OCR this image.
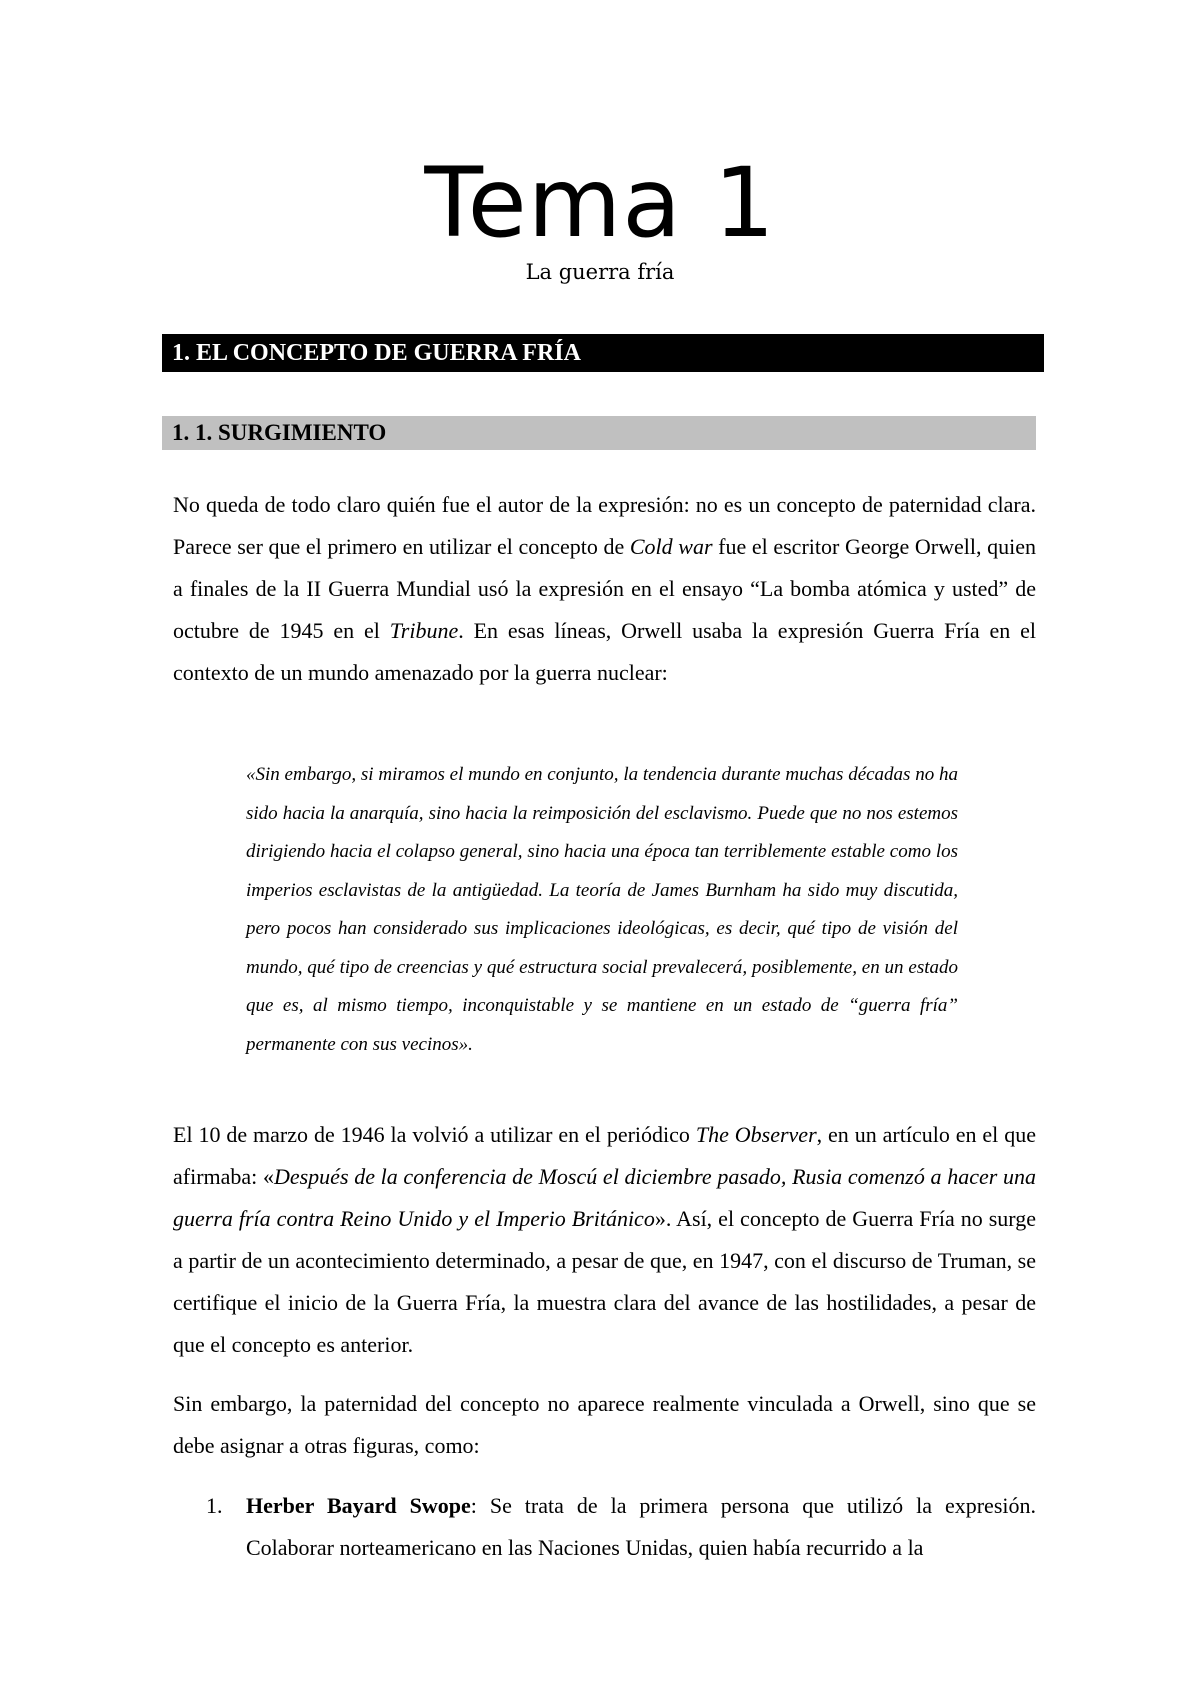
Tema 1
La guerra fría
1. EL CONCEPTO DE GUERRA FRÍA
1. 1. SURGIMIENTO

No queda de todo claro quién fue el autor de la expresión: no es un concepto de paternidad clara. Parece ser que el primero en utilizar el concepto de Cold war fue el escritor George Orwell, quien a finales de la II Guerra Mundial usó la expresión en el ensayo “La bomba atómica y usted” de octubre de 1945 en el Tribune. En esas líneas, Orwell usaba la expresión Guerra Fría en el contexto de un mundo amenazado por la guerra nuclear:

«Sin embargo, si miramos el mundo en conjunto, la tendencia durante muchas décadas no ha sido hacia la anarquía, sino hacia la reimposición del esclavismo. Puede que no nos estemos dirigiendo hacia el colapso general, sino hacia una época tan terriblemente estable como los imperios esclavistas de la antigüedad. La teoría de James Burnham ha sido muy discutida, pero pocos han considerado sus implicaciones ideológicas, es decir, qué tipo de visión del mundo, qué tipo de creencias y qué estructura social prevalecerá, posiblemente, en un estado que es, al mismo tiempo, inconquistable y se mantiene en un estado de “guerra fría” permanente con sus vecinos».

El 10 de marzo de 1946 la volvió a utilizar en el periódico The Observer, en un artículo en el que afirmaba: «Después de la conferencia de Moscú el diciembre pasado, Rusia comenzó a hacer una guerra fría contra Reino Unido y el Imperio Británico». Así, el concepto de Guerra Fría no surge a partir de un acontecimiento determinado, a pesar de que, en 1947, con el discurso de Truman, se certifique el inicio de la Guerra Fría, la muestra clara del avance de las hostilidades, a pesar de que el concepto es anterior.

Sin embargo, la paternidad del concepto no aparece realmente vinculada a Orwell, sino que se debe asignar a otras figuras, como:

1. Herber Bayard Swope: Se trata de la primera persona que utilizó la expresión. Colaborar norteamericano en las Naciones Unidas, quien había recurrido a la
